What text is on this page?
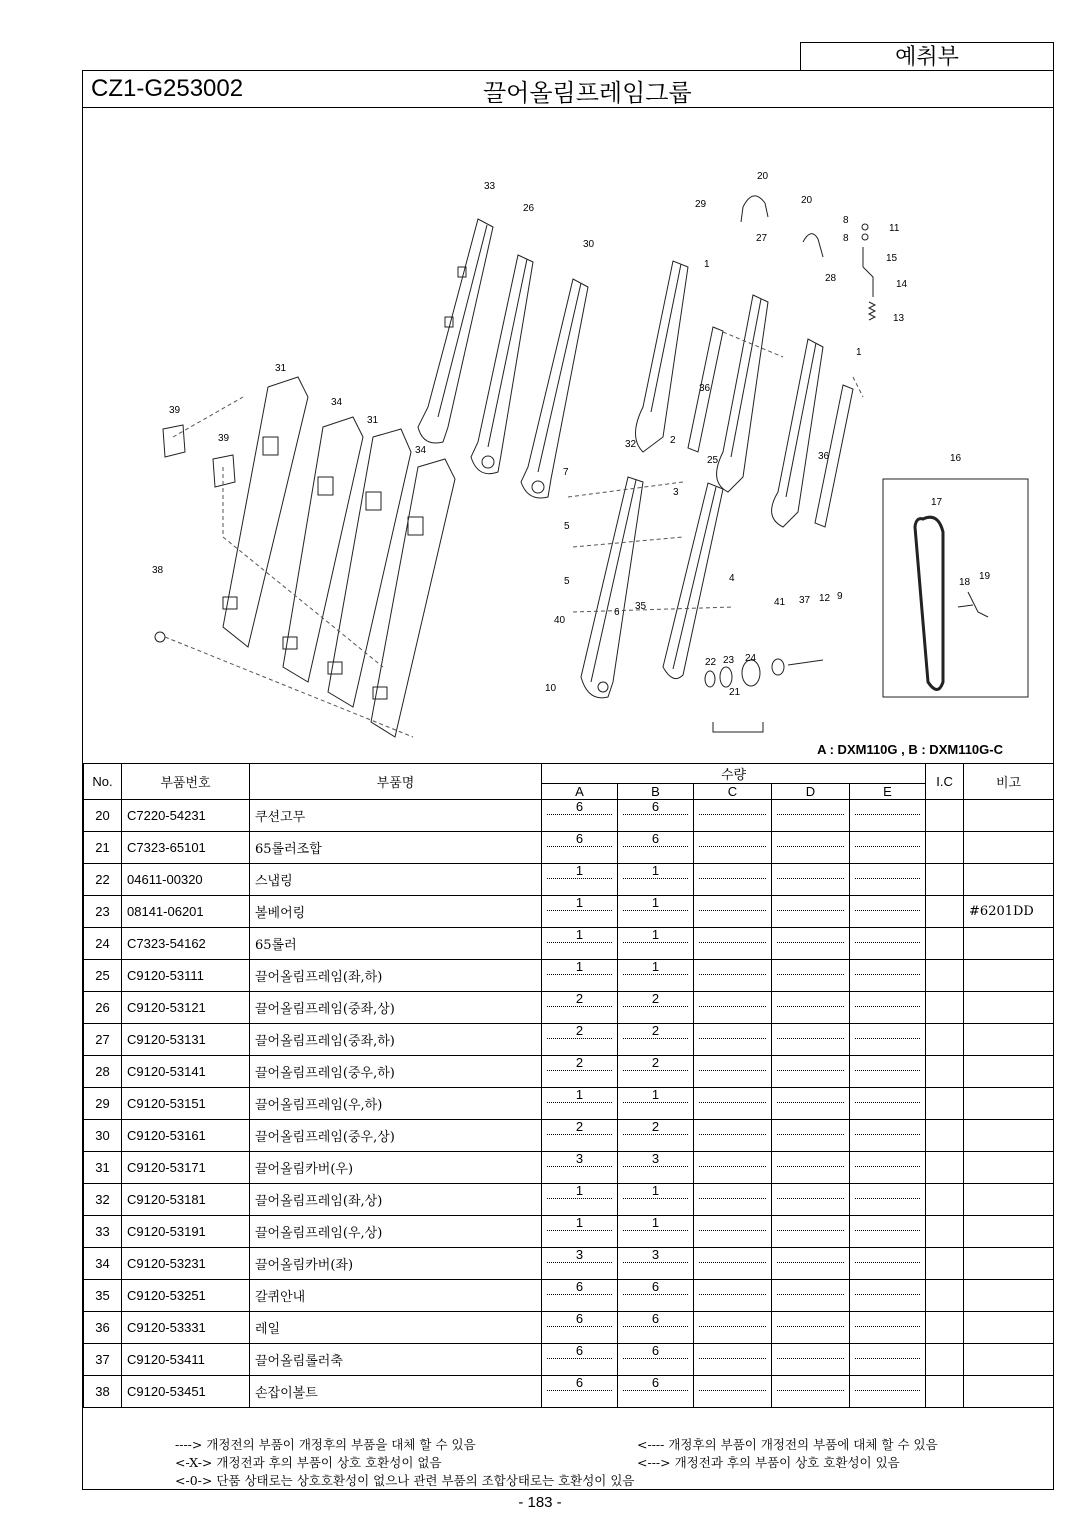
예취부
CZ1-G253002	끌어올림프레임그룹
33
26
30
29
20
20
27
8
11
8
15
14
28
13
1
1
36
36
31
39
34
31
39
34
32	2
25
7
3
5
5	4
41 37 12 9
6
35
40
22 23 24
21
10
38
16
17
18
19
A : DXM110G , B : DXM110G-C
No.	부품번호	부품명	수량					I.C	비고
			A	B	C	D	E		
20	C7220-54231	쿠션고무	6	6					

21	C7323-65101	65롤러조합	6	6					

22	04611-00320	스냅링	1	1					

23	08141-06201	볼베어링	1	1					#6201DD
24	C7323-54162	65롤러	1	1					

25	C9120-53111	끌어올림프레임(좌,하)	1	1					

26	C9120-53121	끌어올림프레임(중좌,상)	2	2					

27	C9120-53131	끌어올림프레임(중좌,하)	2	2					

28	C9120-53141	끌어올림프레임(중우,하)	2	2					

29	C9120-53151	끌어올림프레임(우,하)	1	1					

30	C9120-53161	끌어올림프레임(중우,상)	2	2					

31	C9120-53171	끌어올림카버(우)	3	3					

32	C9120-53181	끌어올림프레임(좌,상)	1	1					

33	C9120-53191	끌어올림프레임(우,상)	1	1					

34	C9120-53231	끌어올림카버(좌)	3	3					

35	C9120-53251	갈퀴안내	6	6					

36	C9120-53331	레일	6	6					

37	C9120-53411	끌어올림롤러축	6	6					

38	C9120-53451	손잡이볼트	6	6					

----> 개정전의 부품이 개정후의 부품을 대체 할 수 있음	<---- 개정후의 부품이 개정전의 부품에 대체 할 수 있음
<-X-> 개정전과 후의 부품이 상호 호환성이 없음	<---> 개정전과 후의 부품이 상호 호환성이 있음
<-0-> 단품 상태로는 상호호환성이 없으나 관련 부품의 조합상태로는 호환성이 있음
- 183 -
